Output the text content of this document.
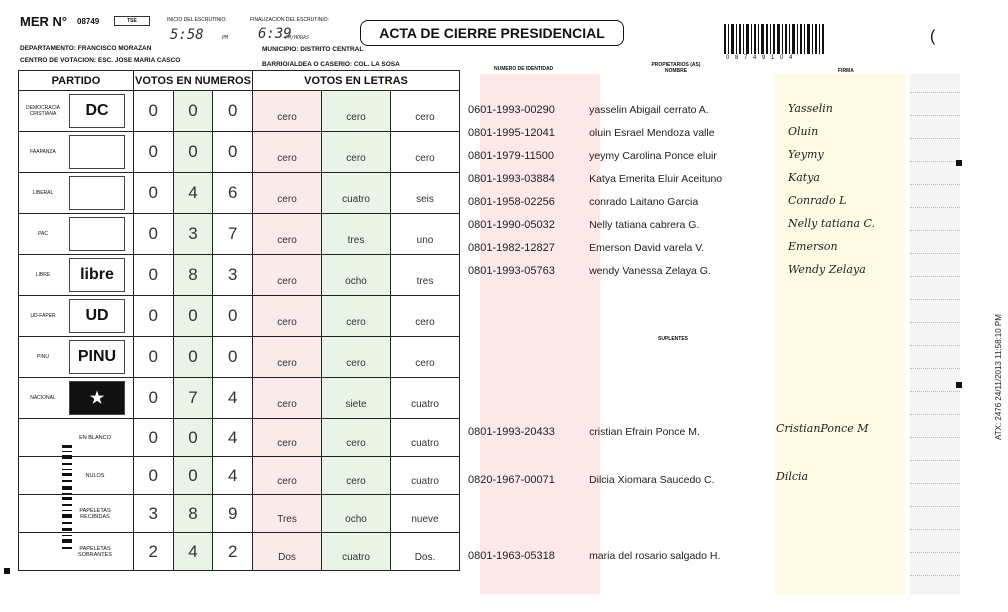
MER N° 08749	TSE	INICIO DEL ESCRUTINIO:
5:58	PM
FINALIZACION DEL ESCRUTINIO:
6:39
PM/HORAS	ACTA DE CIERRE PRESIDENCIAL
0 8 7 4 9 1 0 4
(
DEPARTAMENTO: FRANCISCO MORAZAN
CENTRO DE VOTACION: ESC. JOSE MARIA CASCO
MUNICIPIO: DISTRITO CENTRAL
BARRIO/ALDEA O CASERIO: COL. LA SOSA
PARTIDO	VOTOS EN NUMEROS			VOTOS EN LETRAS		

DEMOCRACIA CRISTIANA DC	0	0	0	cero	cero	cero

FAAPANZA	0	0	0	cero	cero	cero

LIBERAL	0	4	6	cero	cuatro	seis

PAC	0	3	7	cero	tres	uno

LIBRE libre	0	8	3	cero	ocho	tres

UD-FAPER UD	0	0	0	cero	cero	cero

PINU PINU	0	0	0	cero	cero	cero

NACIONAL ★	0	7	4	cero	siete	cuatro

EN BLANCO	0	0	4	cero	cero	cuatro

NULOS	0	0	4	cero	cero	cuatro

PAPELETAS RECIBIDAS	3	8	9	Tres	ocho	nueve

PAPELETAS SOBRANTES	2	4	2	Dos	cuatro	Dos.
NUMERO DE IDENTIDAD
PROPIETARIOS (AS) NOMBRE	FIRMA
SUPLENTES
0601-1993-00290	yasselin Abigail cerrato A.	Yasselin
0801-1995-12041	oluin Esrael Mendoza valle	Oluin
0801-1979-11500	yeymy Carolina Ponce eluir	Yeymy
0801-1993-03884	Katya Emerita Eluir Aceituno	Katya
0801-1958-02256	conrado Laitano Garcia	Conrado L
0801-1990-05032	Nelly tatiana cabrera G.	Nelly tatiana C.
0801-1982-12827	Emerson David varela V.	Emerson
0801-1993-05763	wendy Vanessa Zelaya G.	Wendy Zelaya
0801-1993-20433	cristian Efrain Ponce M.	CristianPonce M
0820-1967-00071	Dilcia Xiomara Saucedo C.	Dilcia
0801-1963-05318	maria del rosario salgado H.
ATX: 2476 24/11/2013 11:58:10 PM
